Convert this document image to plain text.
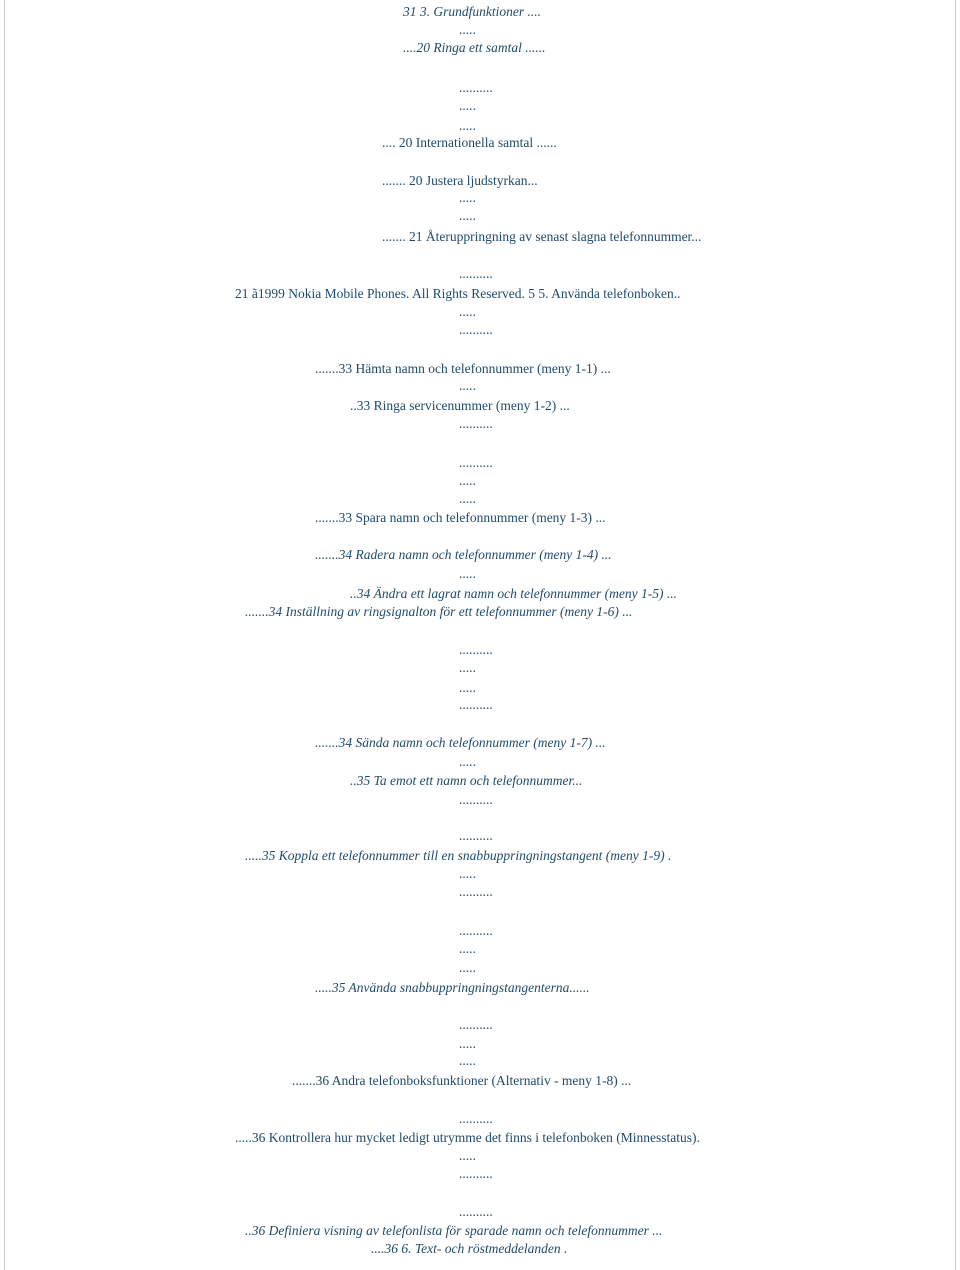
31 3. Grundfunktioner ....
.....
....20 Ringa ett samtal ......
..........
.....
.....
.... 20 Internationella samtal ......
....... 20 Justera ljudstyrkan...
.....
.....
....... 21 Återuppringning av senast slagna telefonnummer...
..........
21 ã1999 Nokia Mobile Phones. All Rights Reserved. 5 5. Använda telefonboken..
.....
..........
.......33 Hämta namn och telefonnummer (meny 1-1) ...
.....
..33 Ringa servicenummer (meny 1-2) ...
..........
..........
.....
.....
.......33 Spara namn och telefonnummer (meny 1-3) ...
.......34 Radera namn och telefonnummer (meny 1-4) ...
.....
..34 Ändra ett lagrat namn och telefonnummer (meny 1-5) ...
.......34 Inställning av ringsignalton för ett telefonnummer (meny 1-6) ...
..........
.....
.....
..........
.......34 Sända namn och telefonnummer (meny 1-7) ...
.....
..35 Ta emot ett namn och telefonnummer...
..........
..........
.....35 Koppla ett telefonnummer till en snabbuppringningstangent (meny 1-9) .
.....
..........
..........
.....
.....
.....35 Använda snabbuppringningstangenterna......
..........
.....
.....
.......36 Andra telefonboksfunktioner (Alternativ - meny 1-8) ...
..........
.....36 Kontrollera hur mycket ledigt utrymme det finns i telefonboken (Minnesstatus).
.....
..........
..........
..36 Definiera visning av telefonlista för sparade namn och telefonnummer ...
....36 6. Text- och röstmeddelanden .
